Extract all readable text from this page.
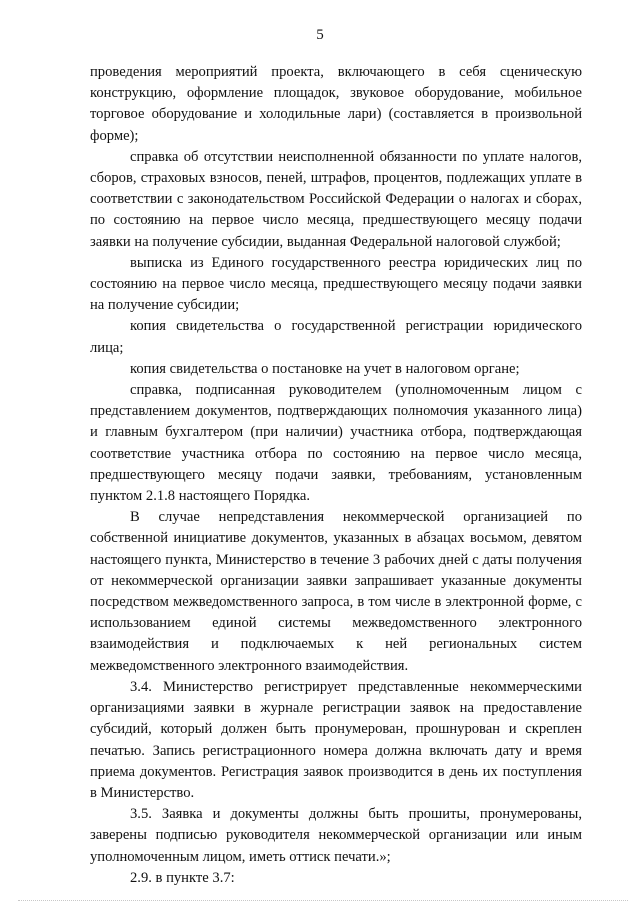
5

проведения мероприятий проекта, включающего в себя сценическую конструкцию, оформление площадок, звуковое оборудование, мобильное торговое оборудование и холодильные лари) (составляется в произвольной форме);

справка об отсутствии неисполненной обязанности по уплате налогов, сборов, страховых взносов, пеней, штрафов, процентов, подлежащих уплате в соответствии с законодательством Российской Федерации о налогах и сборах, по состоянию на первое число месяца, предшествующего месяцу подачи заявки на получение субсидии, выданная Федеральной налоговой службой;

выписка из Единого государственного реестра юридических лиц по состоянию на первое число месяца, предшествующего месяцу подачи заявки на получение субсидии;

копия свидетельства о государственной регистрации юридического лица;

копия свидетельства о постановке на учет в налоговом органе;

справка, подписанная руководителем (уполномоченным лицом с представлением документов, подтверждающих полномочия указанного лица) и главным бухгалтером (при наличии) участника отбора, подтверждающая соответствие участника отбора по состоянию на первое число месяца, предшествующего месяцу подачи заявки, требованиям, установленным пунктом 2.1.8 настоящего Порядка.

В случае непредставления некоммерческой организацией по собственной инициативе документов, указанных в абзацах восьмом, девятом настоящего пункта, Министерство в течение 3 рабочих дней с даты получения от некоммерческой организации заявки запрашивает указанные документы посредством межведомственного запроса, в том числе в электронной форме, с использованием единой системы межведомственного электронного взаимодействия и подключаемых к ней региональных систем межведомственного электронного взаимодействия.

3.4. Министерство регистрирует представленные некоммерческими организациями заявки в журнале регистрации заявок на предоставление субсидий, который должен быть пронумерован, прошнурован и скреплен печатью. Запись регистрационного номера должна включать дату и время приема документов. Регистрация заявок производится в день их поступления в Министерство.

3.5. Заявка и документы должны быть прошиты, пронумерованы, заверены подписью руководителя некоммерческой организации или иным уполномоченным лицом, иметь оттиск печати.»;

2.9. в пункте 3.7:
